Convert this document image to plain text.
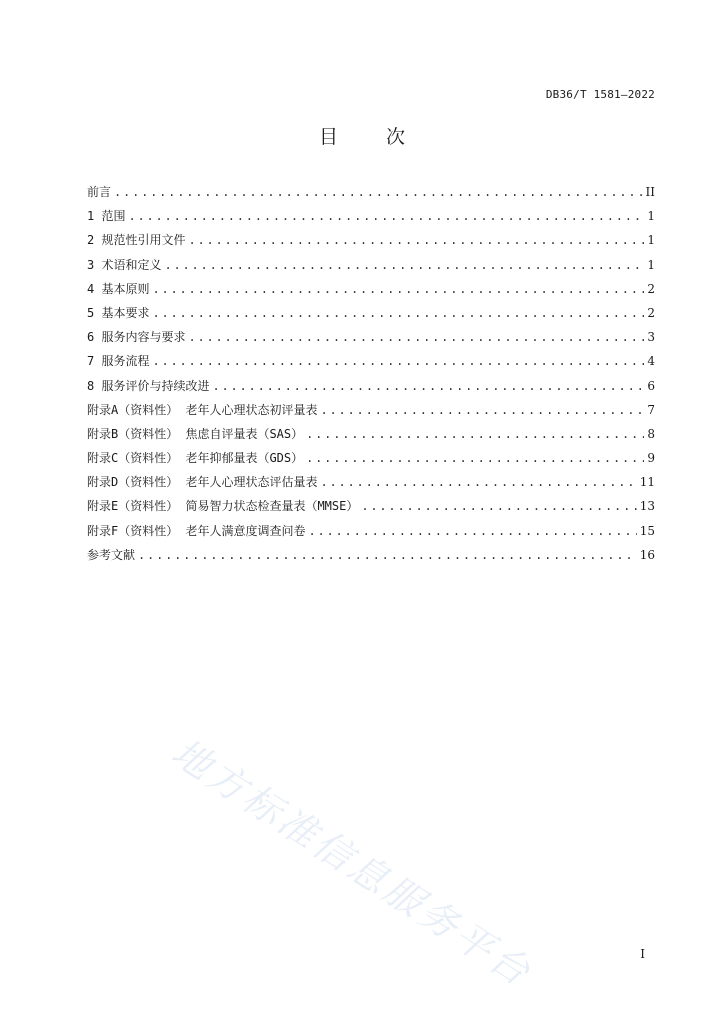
DB36/T 1581—2022
目	次
前言 .....	II
1 范围 .....	1
2 规范性引用文件 .....	1
3 术语和定义 .....	1
4 基本原则 .....	2
5 基本要求 .....	2
6 服务内容与要求 .....	3
7 服务流程 .....	4
8 服务评价与持续改进 .....	6
附录A（资料性） 老年人心理状态初评量表 .....	7
附录B（资料性） 焦虑自评量表（SAS） .....	8
附录C（资料性） 老年抑郁量表（GDS） .....	9
附录D（资料性） 老年人心理状态评估量表 .....	11
附录E（资料性） 简易智力状态检查量表（MMSE） .....	13
附录F（资料性） 老年人满意度调查问卷 .....	15
参考文献 .....	16
地方标准信息服务平台	I
